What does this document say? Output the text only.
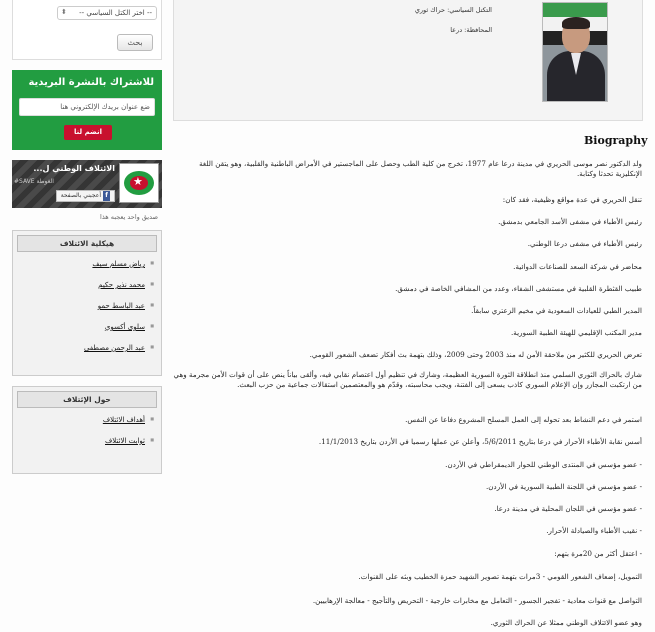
⬍ -- اختر الكتل السياسي --
بحث
للاشتراك بالنشرة البريدية
ضع عنوان بريدك الإلكتروني هنا
انضم لنا
#SAVE الغوطة	★
الائتلاف الوطني ل...
fأعجبني بالصفحة
صديق واحد يعجبه هذا
هيكلية الائتلاف
■ رياض مسلم سيف
■ محمد نذير حكيم
■ عبد الباسط حمو
■ سلوى أكسوي
■ عبد الرحمن مصطفى
حول الإئتلاف
■ أهداف الائتلاف
■ ثوابت الائتلاف
التكتل السياسي: حراك ثوري
المحافظة: درعا
Biography
ولد الدكتور نصر موسى الحريري في مدينة درعا عام 1977، تخرج من كلية الطب وحصل على الماجستير في الأمراض الباطنية والقلبية، وهو يتقن اللغة الإنكليزية تحدثا وكتابة.
تنقل الحريري في عدة مواقع وظيفية، فقد كان:
رئيس الأطباء في مشفى الأسد الجامعي بدمشق.
رئيس الأطباء في مشفى درعا الوطني.
محاضر في شركة السعد للصناعات الدوائية.
طبيب القثطرة القلبية في مستشفى الشفاء، وعدد من المشافي الخاصة في دمشق.
المدير الطبي للعيادات السعودية في مخيم الزعتري سابقاً.
مدير المكتب الإقليمي للهيئة الطبية السورية.
تعرض الحريري للكثير من ملاحقة الأمن له منذ 2003 وحتى 2009، وذلك بتهمة بث أفكار تضعف الشعور القومي.
شارك بالحراك الثوري السلمي منذ انطلاقة الثورة السورية العظيمة، وشارك في تنظيم أول اعتصام نقابي فيه، وألقى بياناً ينص على أن قوات الأمن مجرمة وهي من ارتكبت المجازر وإن الإعلام السوري كاذب يسعى إلى الفتنة، ويجب محاسبته، وقدّم هو والمعتصمين استقالات جماعية من حزب البعث.
استمر في دعم النشاط بعد تحوله إلى العمل المسلح المشروع دفاعا عن النفس.
أسس نقابة الأطباء الأحرار في درعا بتاريخ 5/6/2011، وأعلن عن عملها رسميا في الأردن بتاريخ 11/1/2013.
- عضو مؤسس في المنتدى الوطني للحوار الديمقراطي في الأردن.
- عضو مؤسس في اللجنة الطبية السورية في الأردن.
- عضو مؤسس في اللجان المحلية في مدينة درعا.
- نقيب الأطباء والصيادلة الأحرار.
- اعتقل أكثر من 20مرة بتهم:
التمويل، إضعاف الشعور القومي - 3مرات بتهمة تصوير الشهيد حمزة الخطيب وبثه على القنوات.
التواصل مع قنوات معادية - تفجير الجسور - التعامل مع مخابرات خارجية - التحريض والتأجيج - معالجة الإرهابيين.
وهو عضو الائتلاف الوطني ممثلا عن الحراك الثوري.
